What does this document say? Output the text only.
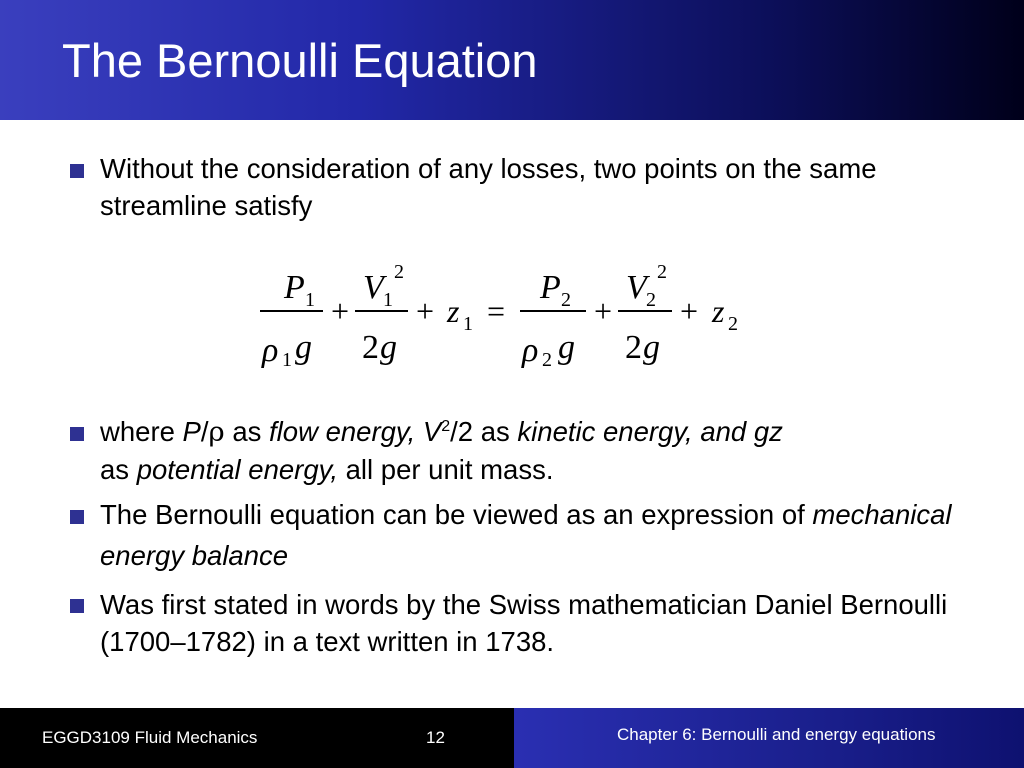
The Bernoulli Equation
Without the consideration of any losses, two points on the same streamline satisfy
P 1
ρ 1 g
+
V 2
1
2 g
+ z 1 =
P 2
ρ 2 g
+
V 2
2
2 g
+ z 2
where P/ρ as flow energy, $V^2/2$ as kinetic energy, and gz
as potential energy, all per unit mass.
The Bernoulli equation can be viewed as an expression of mechanical energy balance
Was first stated in words by the Swiss mathematician Daniel Bernoulli (1700–1782) in a text written in 1738.
EGGD3109 Fluid Mechanics	12	Chapter 6: Bernoulli and energy equations
